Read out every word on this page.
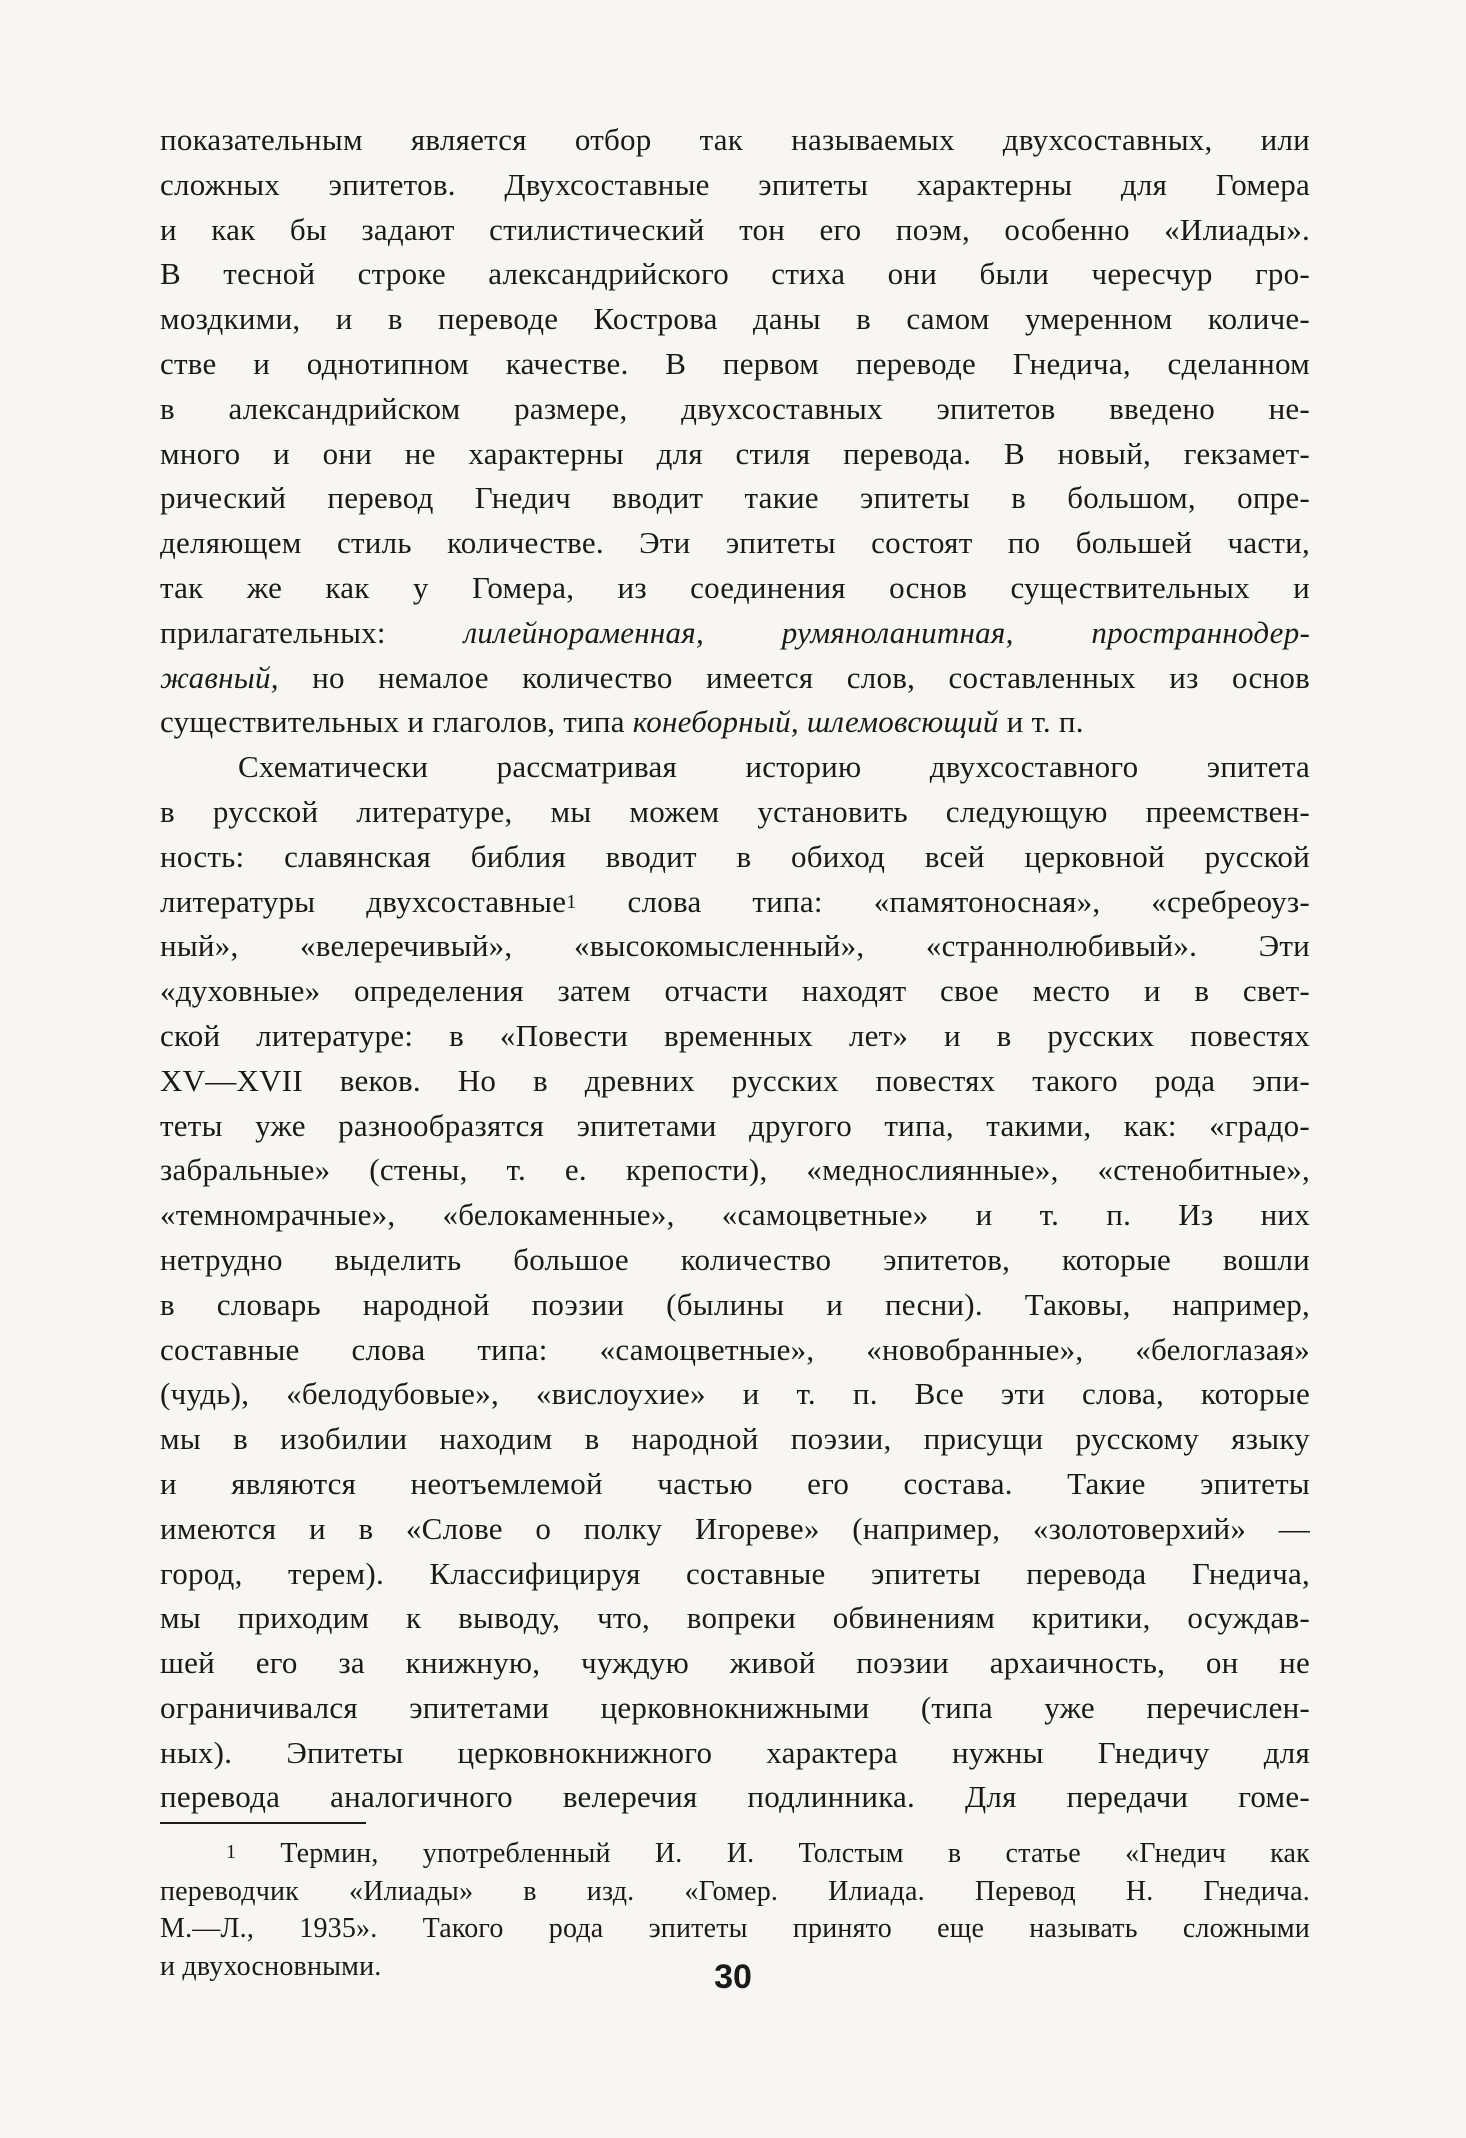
показательным является отбор так называемых двухсоставных, или
сложных эпитетов. Двухсоставные эпитеты характерны для Гомера
и как бы задают стилистический тон его поэм, особенно «Илиады».
В тесной строке александрийского стиха они были чересчур гро-
моздкими, и в переводе Кострова даны в самом умеренном количе-
стве и однотипном качестве. В первом переводе Гнедича, сделанном
в александрийском размере, двухсоставных эпитетов введено не-
много и они не характерны для стиля перевода. В новый, гекзамет-
рический перевод Гнедич вводит такие эпитеты в большом, опре-
деляющем стиль количестве. Эти эпитеты состоят по большей части,
так же как у Гомера, из соединения основ существительных и
прилагательных: лилейнораменная,	румяноланитная,	пространнодер-
жавный, но немалое количество имеется слов, составленных из основ
существительных и глаголов, типа конеборный, шлемовсющий и т. п.
Схематически рассматривая историю двухсоставного эпитета
в русской литературе, мы можем установить следующую преемствен-
ность: славянская библия вводит в обиход всей церковной русской
литературы двухсоставные$^1$ слова типа: «памятоносная», «сребреоуз-
ный», «велеречивый», «высокомысленный», «страннолюбивый». Эти
«духовные» определения затем отчасти находят свое место и в свет-
ской литературе: в «Повести временных лет» и в русских повестях
XV—XVII веков. Но в древних русских повестях такого рода эпи-
теты уже разнообразятся эпитетами другого типа, такими, как: «градо-
забральные» (стены, т. е. крепости), «меднослиянные», «стенобитные»,
«темномрачные», «белокаменные», «самоцветные» и т. п. Из них
нетрудно выделить большое количество эпитетов, которые вошли
в словарь народной поэзии (былины и песни). Таковы, например,
составные слова типа: «самоцветные», «новобранные», «белоглазая»
(чудь), «белодубовые», «вислоухие» и т. п. Все эти слова, которые
мы в изобилии находим в народной поэзии, присущи русскому языку
и являются неотъемлемой частью его состава. Такие эпитеты
имеются и в «Слове о полку Игореве» (например, «золотоверхий» —
город, терем). Классифицируя составные эпитеты перевода Гнедича,
мы приходим к выводу, что, вопреки обвинениям критики, осуждав-
шей его за книжную, чуждую живой поэзии архаичность, он не
ограничивался эпитетами церковнокнижными (типа уже перечислен-
ных). Эпитеты церковнокнижного характера нужны Гнедичу для
перевода аналогичного велеречия подлинника. Для передачи гоме-
$^1$ Термин, употребленный И. И. Толстым в статье «Гнедич как
переводчик «Илиады» в изд. «Гомер. Илиада. Перевод Н. Гнедича.
М.—Л., 1935». Такого рода эпитеты принято еще называть сложными
и двухосновными.	30
